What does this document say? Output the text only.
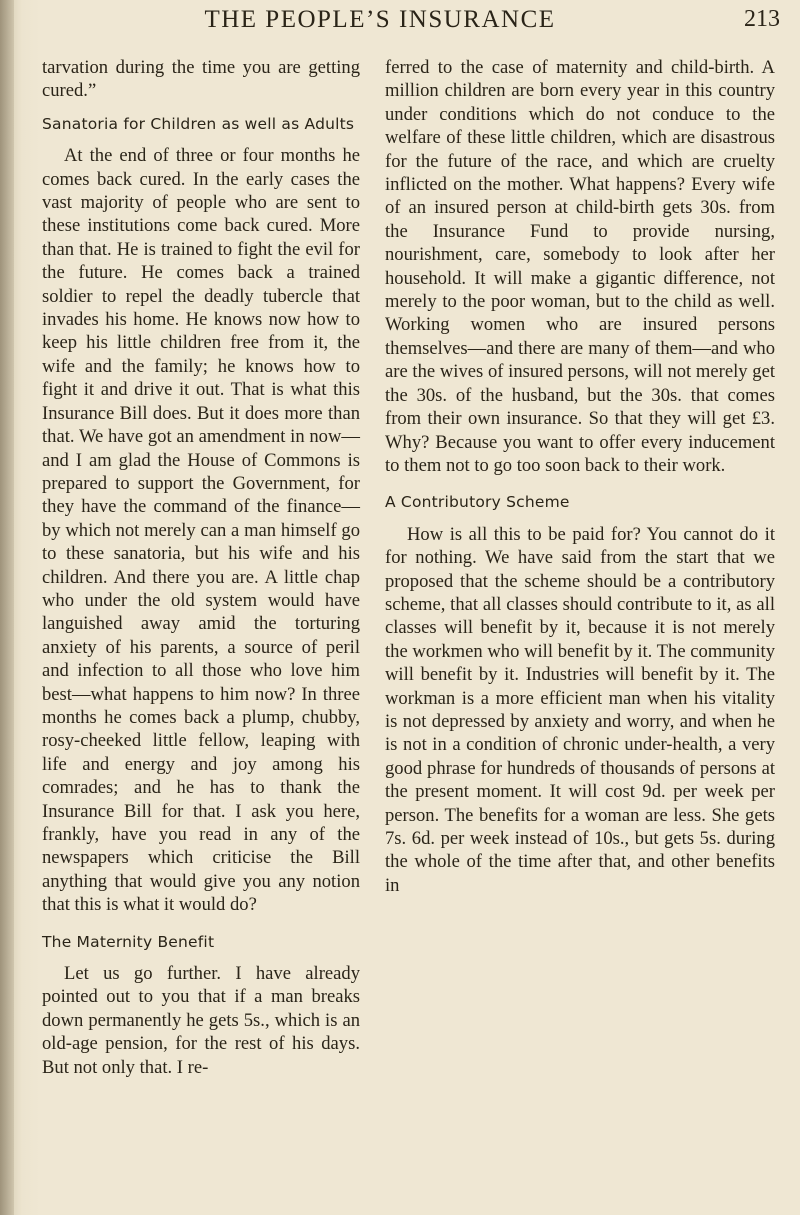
THE PEOPLE’S INSURANCE	213

tarvation during the time you are getting cured.”

Sanatoria for Children as well as Adults

At the end of three or four months he comes back cured. In the early cases the vast majority of people who are sent to these institutions come back cured. More than that. He is trained to fight the evil for the future. He comes back a trained soldier to repel the deadly tubercle that invades his home. He knows now how to keep his little children free from it, the wife and the family; he knows how to fight it and drive it out. That is what this Insurance Bill does. But it does more than that. We have got an amendment in now—and I am glad the House of Commons is prepared to support the Government, for they have the command of the finance—by which not merely can a man himself go to these sanatoria, but his wife and his children. And there you are. A little chap who under the old system would have languished away amid the torturing anxiety of his parents, a source of peril and infection to all those who love him best—what happens to him now? In three months he comes back a plump, chubby, rosy-cheeked little fellow, leaping with life and energy and joy among his comrades; and he has to thank the Insurance Bill for that. I ask you here, frankly, have you read in any of the newspapers which criticise the Bill anything that would give you any notion that this is what it would do?

The Maternity Benefit

Let us go further. I have already pointed out to you that if a man breaks down permanently he gets 5s., which is an old-age pension, for the rest of his days. But not only that. I re-

ferred to the case of maternity and child-birth. A million children are born every year in this country under conditions which do not conduce to the welfare of these little children, which are disastrous for the future of the race, and which are cruelty inflicted on the mother. What happens? Every wife of an insured person at child-birth gets 30s. from the Insurance Fund to provide nursing, nourishment, care, somebody to look after her household. It will make a gigantic difference, not merely to the poor woman, but to the child as well. Working women who are insured persons themselves—and there are many of them—and who are the wives of insured persons, will not merely get the 30s. of the husband, but the 30s. that comes from their own insurance. So that they will get £3. Why? Because you want to offer every inducement to them not to go too soon back to their work.

A Contributory Scheme

How is all this to be paid for? You cannot do it for nothing. We have said from the start that we proposed that the scheme should be a contributory scheme, that all classes should contribute to it, as all classes will benefit by it, because it is not merely the workmen who will benefit by it. The community will benefit by it. Industries will benefit by it. The workman is a more efficient man when his vitality is not depressed by anxiety and worry, and when he is not in a condition of chronic under-health, a very good phrase for hundreds of thousands of persons at the present moment. It will cost 9d. per week per person. The benefits for a woman are less. She gets 7s. 6d. per week instead of 10s., but gets 5s. during the whole of the time after that, and other benefits in
